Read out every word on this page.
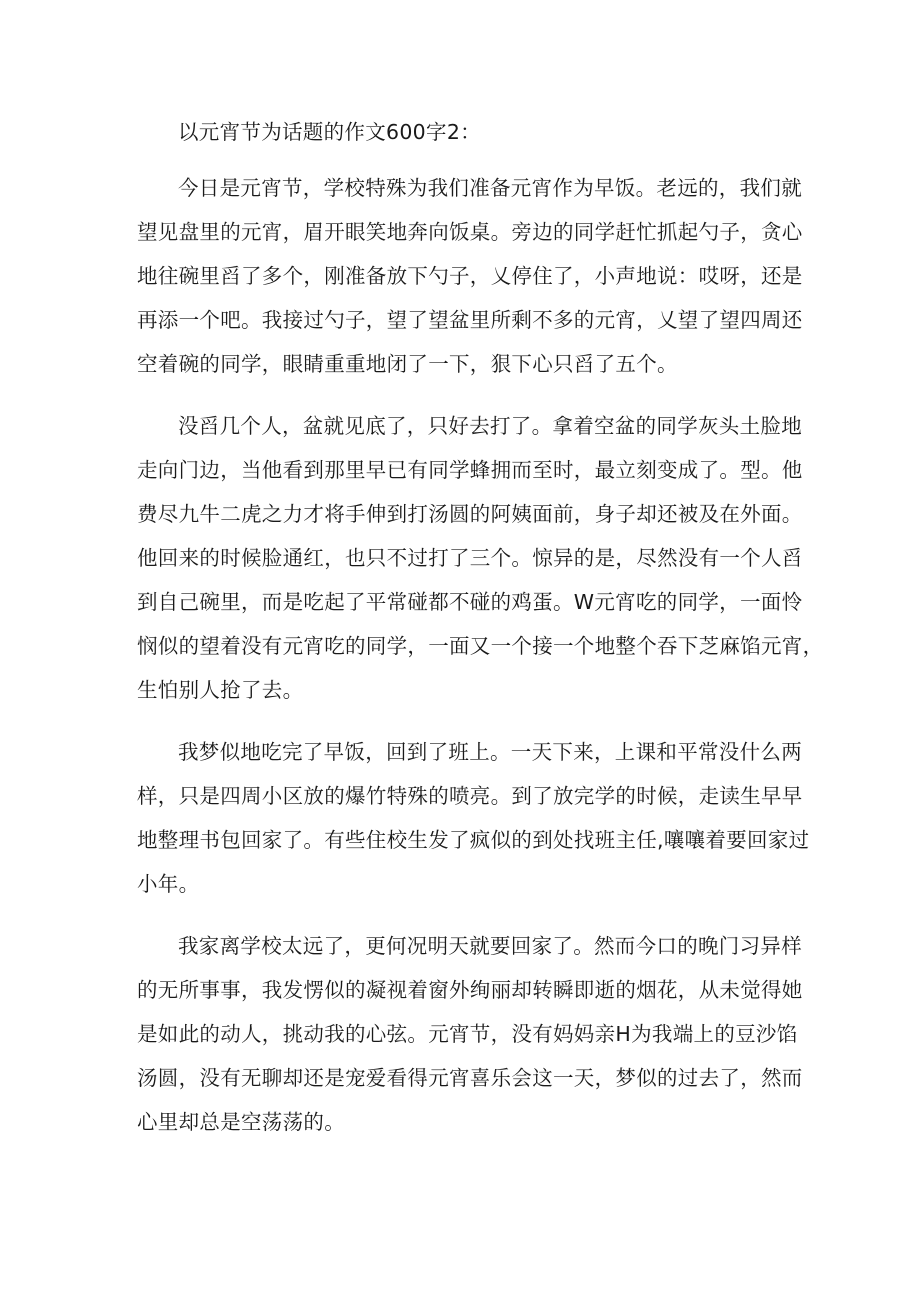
以元宵节为话题的作文600字2：

今日是元宵节，学校特殊为我们准备元宵作为早饭。老远的，我们就
望见盘里的元宵，眉开眼笑地奔向饭桌。旁边的同学赶忙抓起勺子，贪心
地往碗里舀了多个，刚准备放下勺子，乂停住了，小声地说：哎呀，还是
再添一个吧。我接过勺子，望了望盆里所剩不多的元宵，乂望了望四周还
空着碗的同学，眼睛重重地闭了一下，狠下心只舀了五个。
没舀几个人，盆就见底了，只好去打了。拿着空盆的同学灰头土脸地
走向门边，当他看到那里早已有同学蜂拥而至时，最立刻变成了。型。他
费尽九牛二虎之力才将手伸到打汤圆的阿姨面前，身子却还被及在外面。
他回来的时候脸通红，也只不过打了三个。惊异的是，尽然没有一个人舀
到自己碗里，而是吃起了平常碰都不碰的鸡蛋。W元宵吃的同学，一面怜
悯似的望着没有元宵吃的同学，一面又一个接一个地整个吞下芝麻馅元宵，
生怕别人抢了去。
我梦似地吃完了早饭，回到了班上。一天下来，上课和平常没什么两
样，只是四周小区放的爆竹特殊的喷亮。到了放完学的时候，走读生早早
地整理书包回家了。有些住校生发了疯似的到处找班主任,嚷嚷着要回家过
小年。
我家离学校太远了，更何况明天就要回家了。然而今口的晚门习异样
的无所事事，我发愣似的凝视着窗外绚丽却转瞬即逝的烟花，从未觉得她
是如此的动人，挑动我的心弦。元宵节，没有妈妈亲H为我端上的豆沙馅
汤圆，没有无聊却还是宠爱看得元宵喜乐会这一天，梦似的过去了，然而
心里却总是空荡荡的。
